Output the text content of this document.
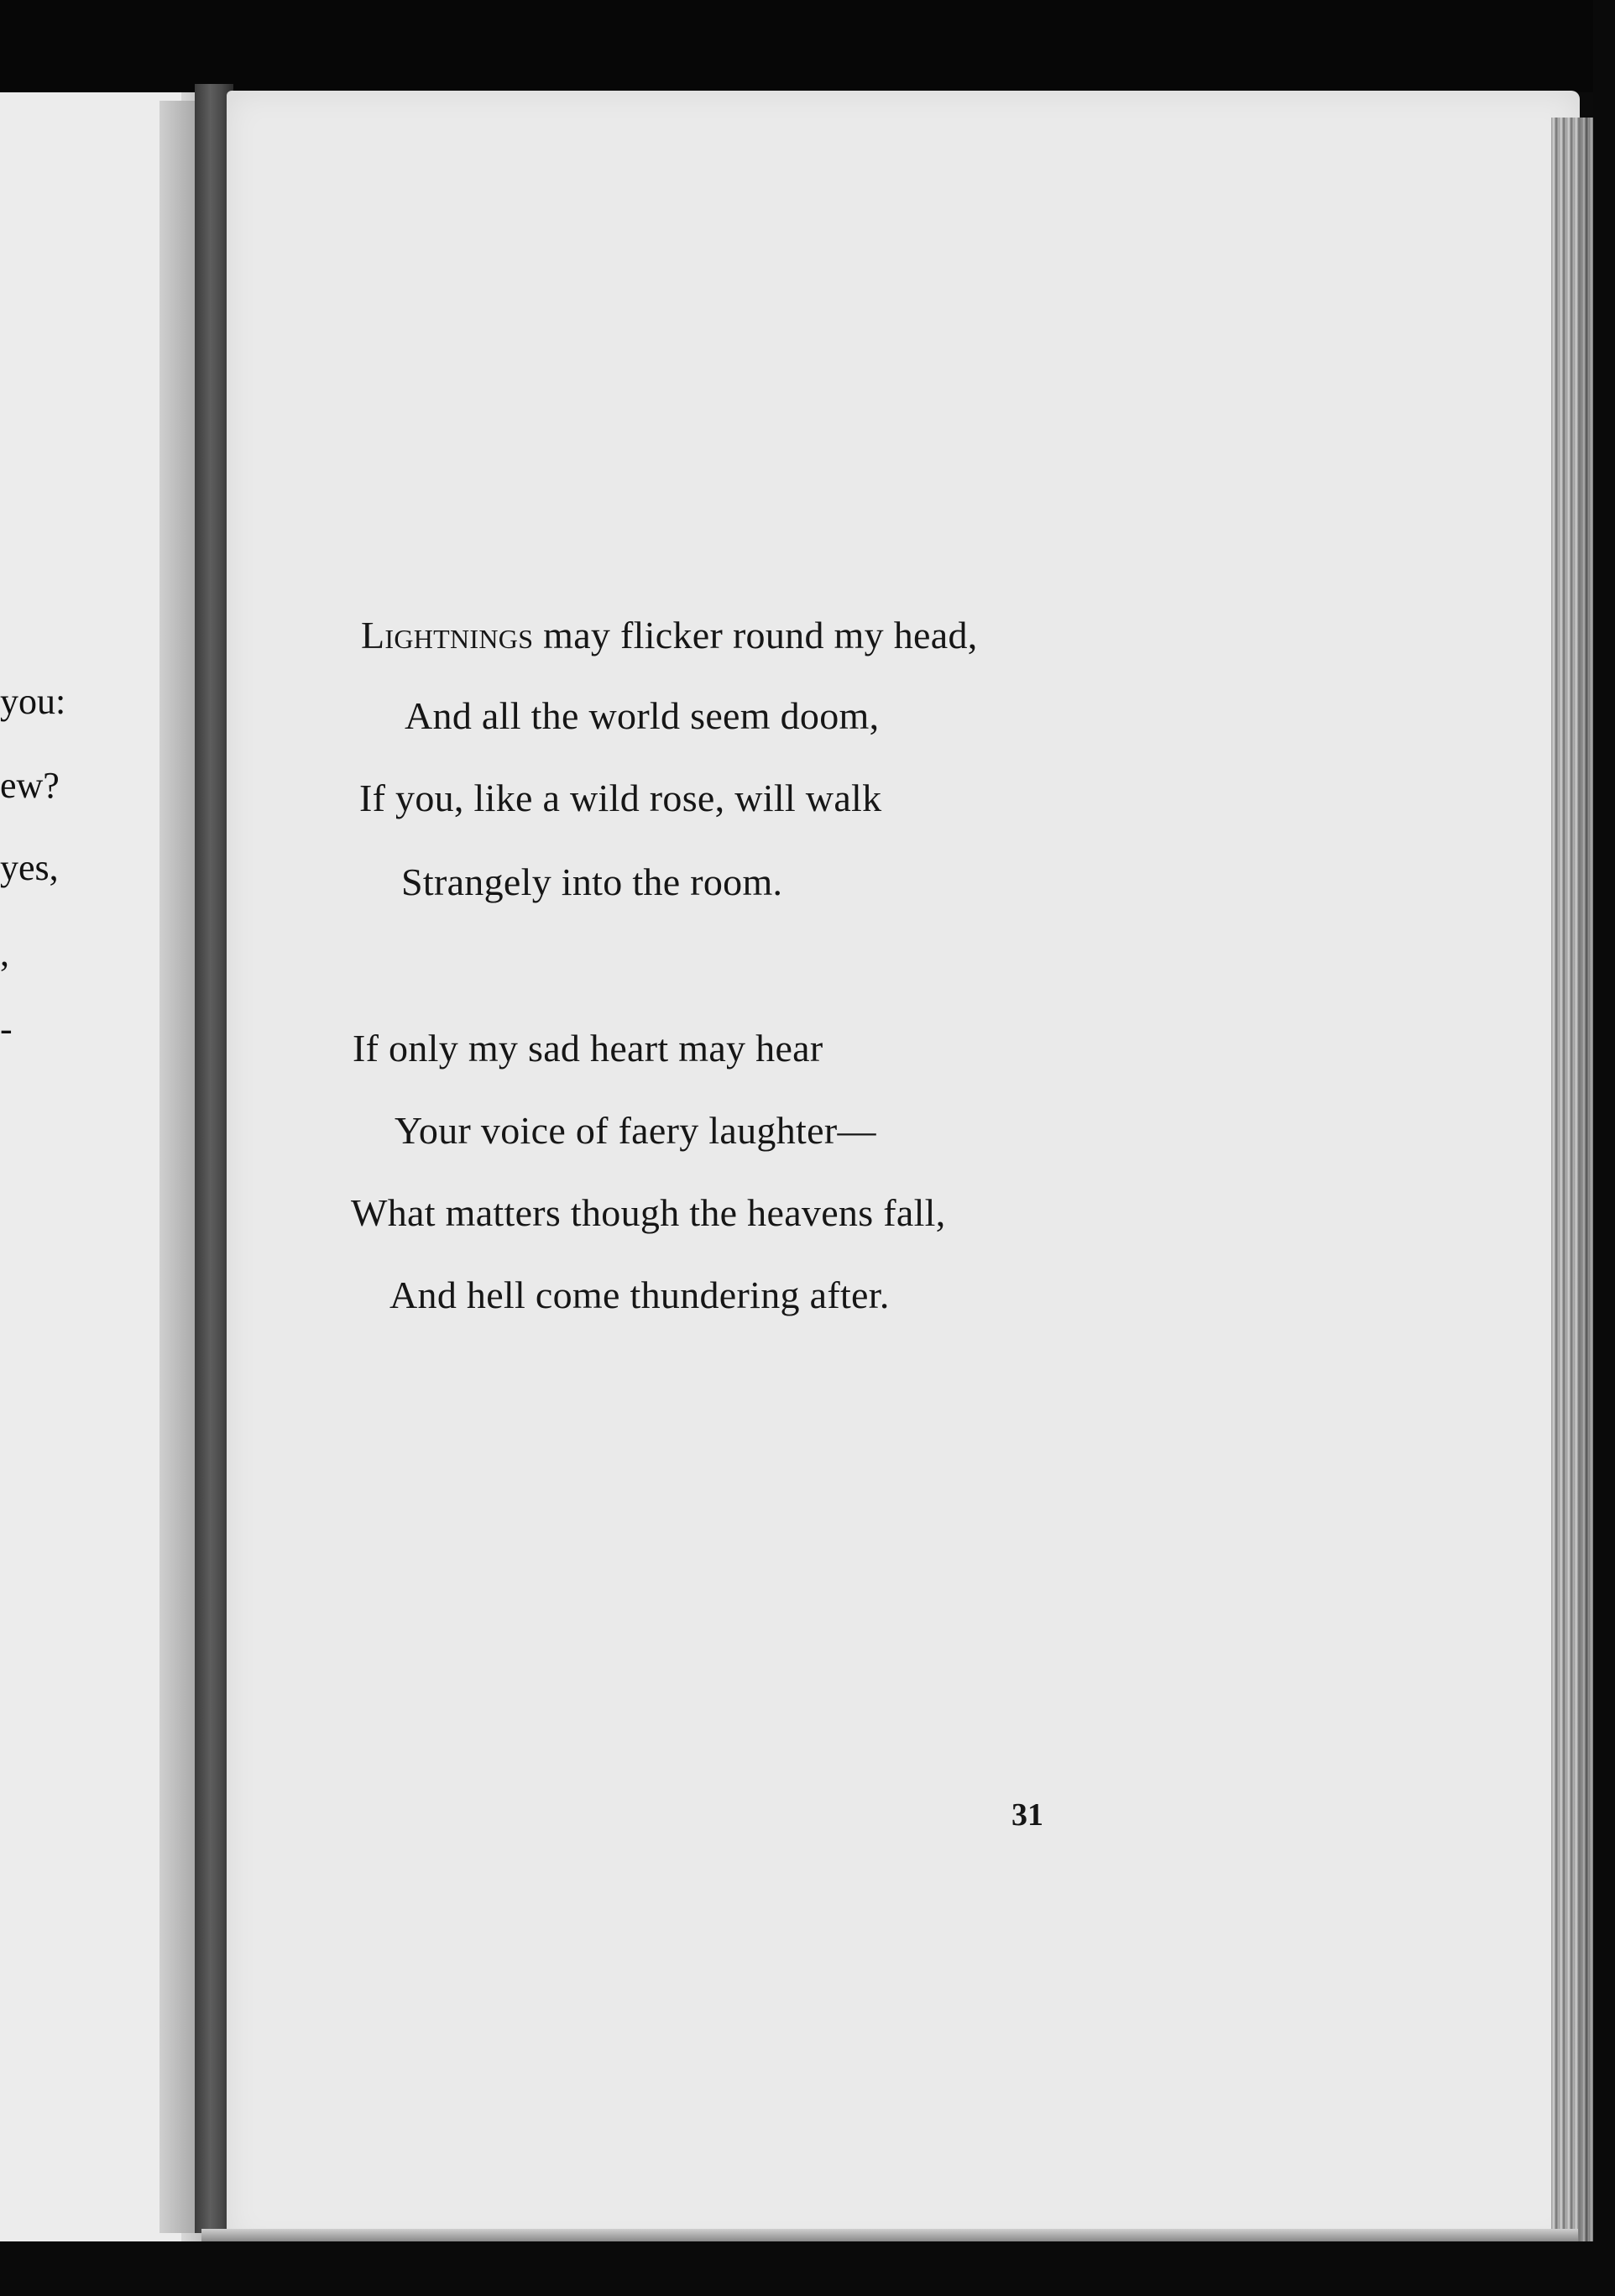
you:
ew?
yes,
,
-
Lightnings may flicker round my head,
And all the world seem doom,
If you, like a wild rose, will walk
Strangely into the room.
If only my sad heart may hear
Your voice of faery laughter—
What matters though the heavens fall,
And hell come thundering after.
31
